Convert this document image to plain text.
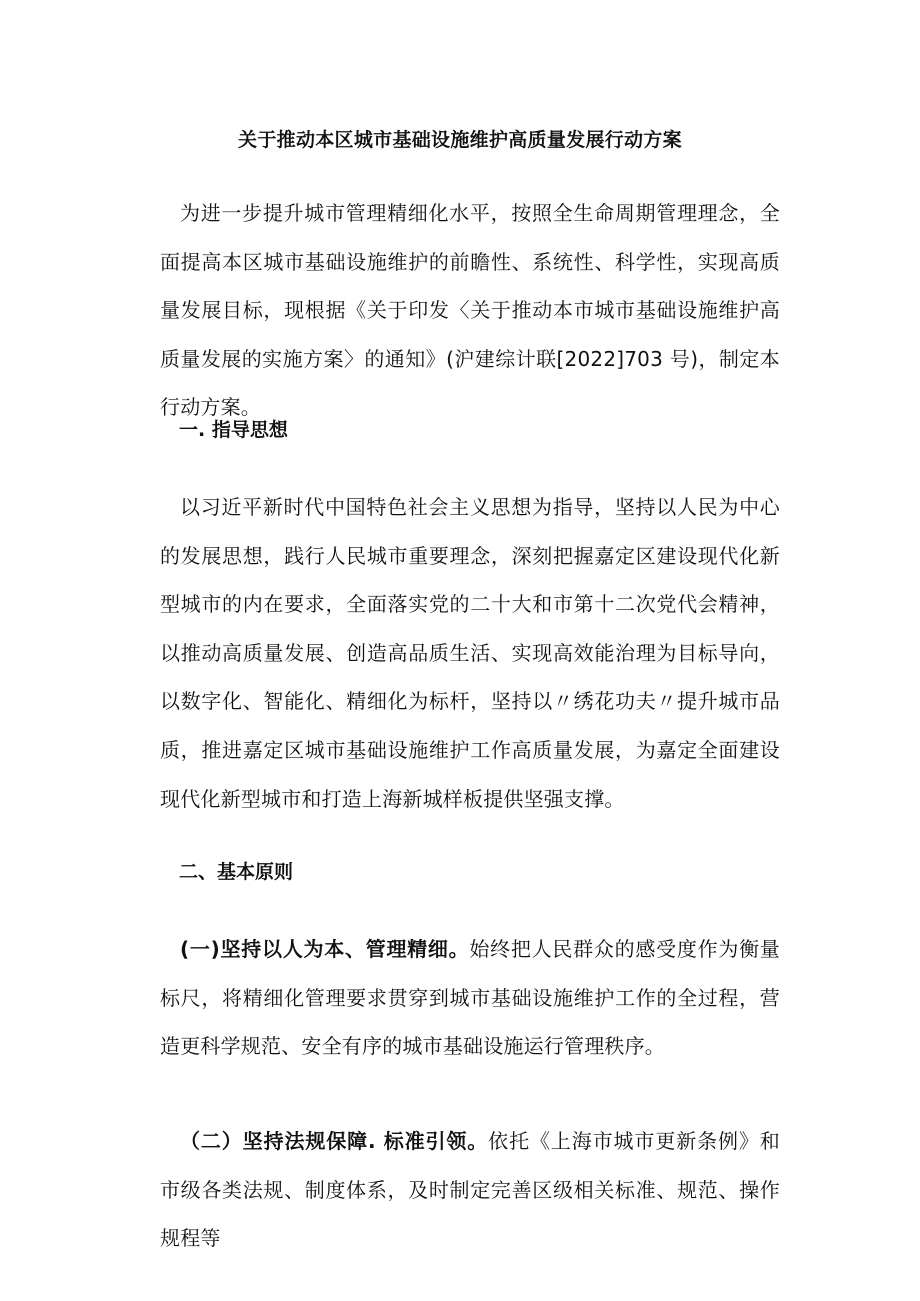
关于推动本区城市基础设施维护高质量发展行动方案

为进一步提升城市管理精细化水平，按照全生命周期管理理念，全面提高本区城市基础设施维护的前瞻性、系统性、科学性，实现高质量发展目标，现根据《关于印发〈关于推动本市城市基础设施维护高质量发展的实施方案〉的通知》(沪建综计联[2022]703 号)，制定本行动方案。

一. 指导思想

以习近平新时代中国特色社会主义思想为指导，坚持以人民为中心的发展思想，践行人民城市重要理念，深刻把握嘉定区建设现代化新型城市的内在要求，全面落实党的二十大和市第十二次党代会精神，以推动高质量发展、创造高品质生活、实现高效能治理为目标导向，以数字化、智能化、精细化为标杆，坚持以〃绣花功夫〃提升城市品质，推进嘉定区城市基础设施维护工作高质量发展，为嘉定全面建设现代化新型城市和打造上海新城样板提供坚强支撑。

二、基本原则

(一)坚持以人为本、管理精细。始终把人民群众的感受度作为衡量标尺，将精细化管理要求贯穿到城市基础设施维护工作的全过程，营造更科学规范、安全有序的城市基础设施运行管理秩序。

（二）坚持法规保障. 标准引领。依托《上海市城市更新条例》和市级各类法规、制度体系，及时制定完善区级相关标准、规范、操作规程等
